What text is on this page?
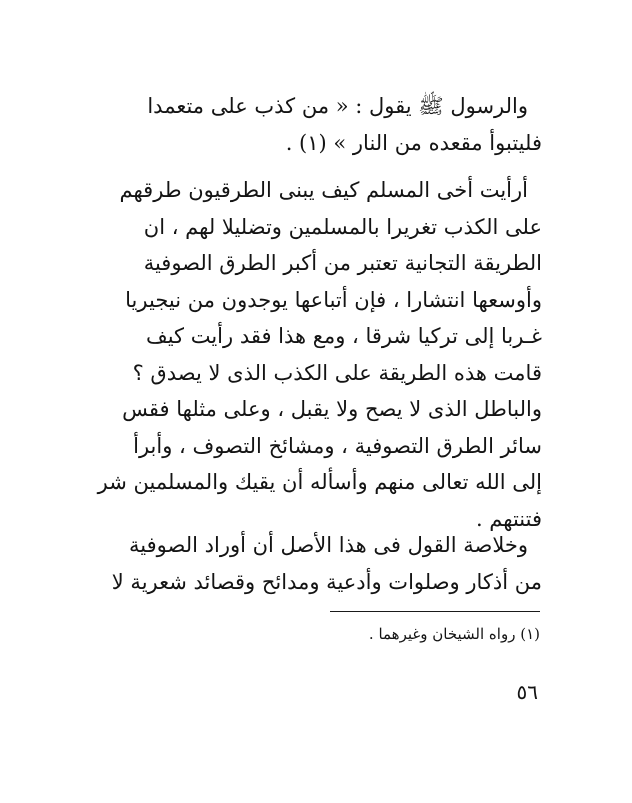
والرسول ﷺ يقول : « من كذب على متعمدا
فليتبوأ مقعده من النار » (١) .
أرأيت أخى المسلم كيف يبنى الطرقيون طرقهم
على الكذب تغريرا بالمسلمين وتضليلا لهم ، ان
الطريقة التجانية تعتبر من أكبر الطرق الصوفية
وأوسعها انتشارا ، فإن أتباعها يوجدون من نيجيريا
غـربا إلى تركيا شرقا ، ومع هذا فقد رأيت كيف
قامت هذه الطريقة على الكذب الذى لا يصدق ؟
والباطل الذى لا يصح ولا يقبل ، وعلى مثلها فقس
سائر الطرق التصوفية ، ومشائخ التصوف ، وأبرأ
إلى الله تعالى منهم وأسأله أن يقيك والمسلمين شر
فتنتهم .
وخلاصة القول فى هذا الأصل أن أوراد الصوفية
من أذكار وصلوات وأدعية ومدائح وقصائد شعرية لا
(١) رواه الشيخان وغيرهما .
٥٦
